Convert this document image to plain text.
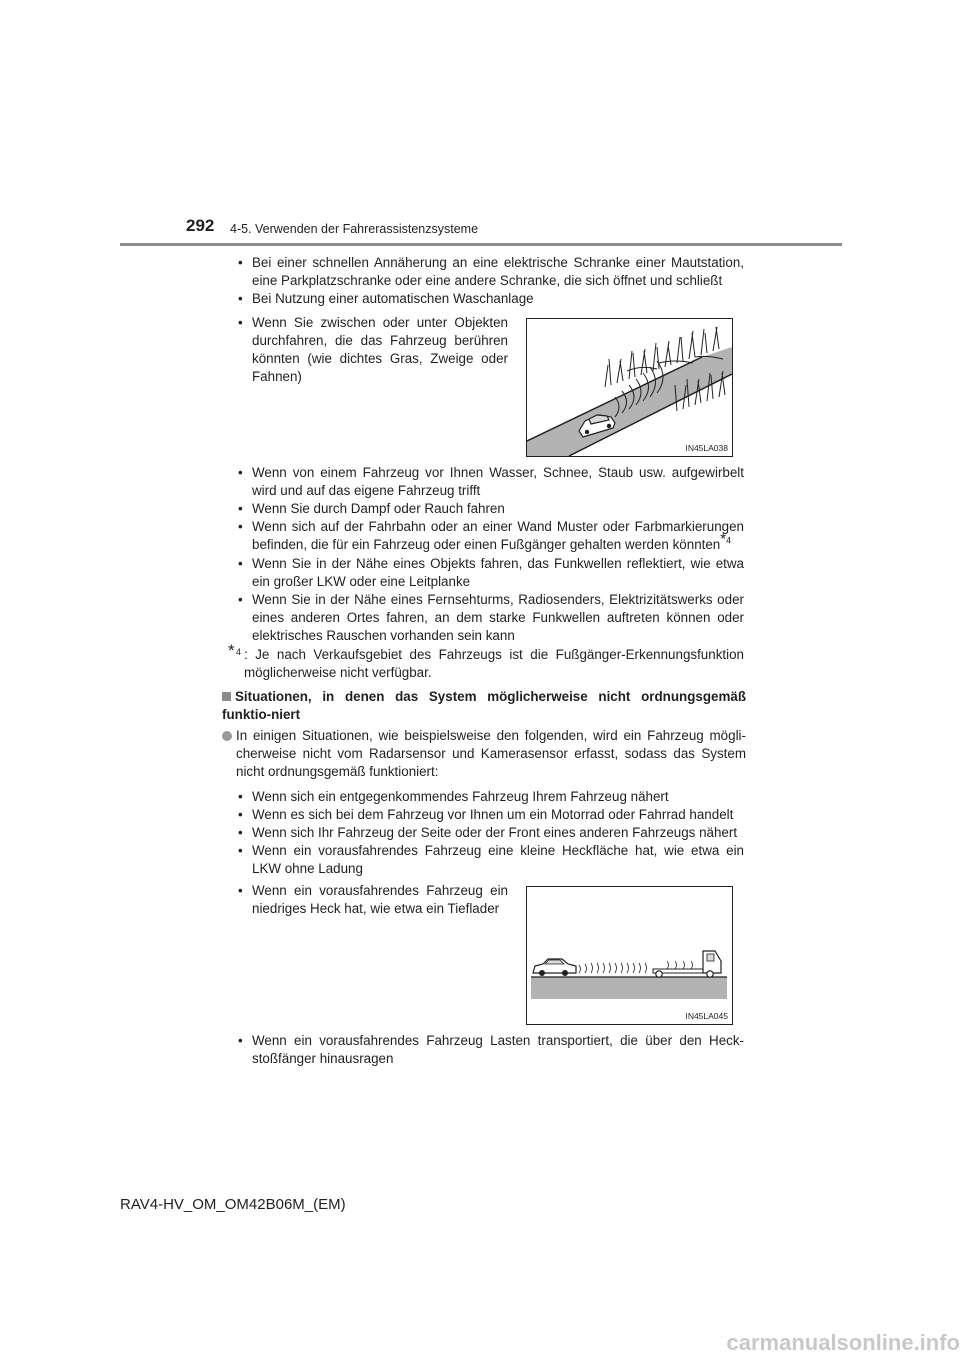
292 4-5. Verwenden der Fahrerassistenzsysteme
• Bei einer schnellen Annäherung an eine elektrische Schranke einer Mautstation, eine Parkplatzschranke oder eine andere Schranke, die sich öffnet und schließt
• Bei Nutzung einer automatischen Waschanlage
• Wenn Sie zwischen oder unter Objekten durchfahren, die das Fahrzeug berühren könnten (wie dichtes Gras, Zweige oder Fahnen)
IN45LA038
• Wenn von einem Fahrzeug vor Ihnen Wasser, Schnee, Staub usw. aufgewirbelt wird und auf das eigene Fahrzeug trifft
• Wenn Sie durch Dampf oder Rauch fahren
• Wenn sich auf der Fahrbahn oder an einer Wand Muster oder Farbmarkierungen befinden, die für ein Fahrzeug oder einen Fußgänger gehalten werden könnten$^{*4}$
• Wenn Sie in der Nähe eines Objekts fahren, das Funkwellen reflektiert, wie etwa ein großer LKW oder eine Leitplanke
• Wenn Sie in der Nähe eines Fernsehturms, Radiosenders, Elektrizitätswerks oder eines anderen Ortes fahren, an dem starke Funkwellen auftreten können oder elektrisches Rauschen vorhanden sein kann
* 4 : Je nach Verkaufsgebiet des Fahrzeugs ist die Fußgänger-Erkennungsfunktion möglicherweise nicht verfügbar.
Situationen, in denen das System möglicherweise nicht ordnungsgemäß funktio-niert
In einigen Situationen, wie beispielsweise den folgenden, wird ein Fahrzeug mögli-cherweise nicht vom Radarsensor und Kamerasensor erfasst, sodass das System nicht ordnungsgemäß funktioniert:
• Wenn sich ein entgegenkommendes Fahrzeug Ihrem Fahrzeug nähert
• Wenn es sich bei dem Fahrzeug vor Ihnen um ein Motorrad oder Fahrrad handelt
• Wenn sich Ihr Fahrzeug der Seite oder der Front eines anderen Fahrzeugs nähert
• Wenn ein vorausfahrendes Fahrzeug eine kleine Heckfläche hat, wie etwa ein LKW ohne Ladung
• Wenn ein vorausfahrendes Fahrzeug ein niedriges Heck hat, wie etwa ein Tieflader
IN45LA045
• Wenn ein vorausfahrendes Fahrzeug Lasten transportiert, die über den Heck-stoßfänger hinausragen
RAV4-HV_OM_OM42B06M_(EM)
carmanualsonline.info
